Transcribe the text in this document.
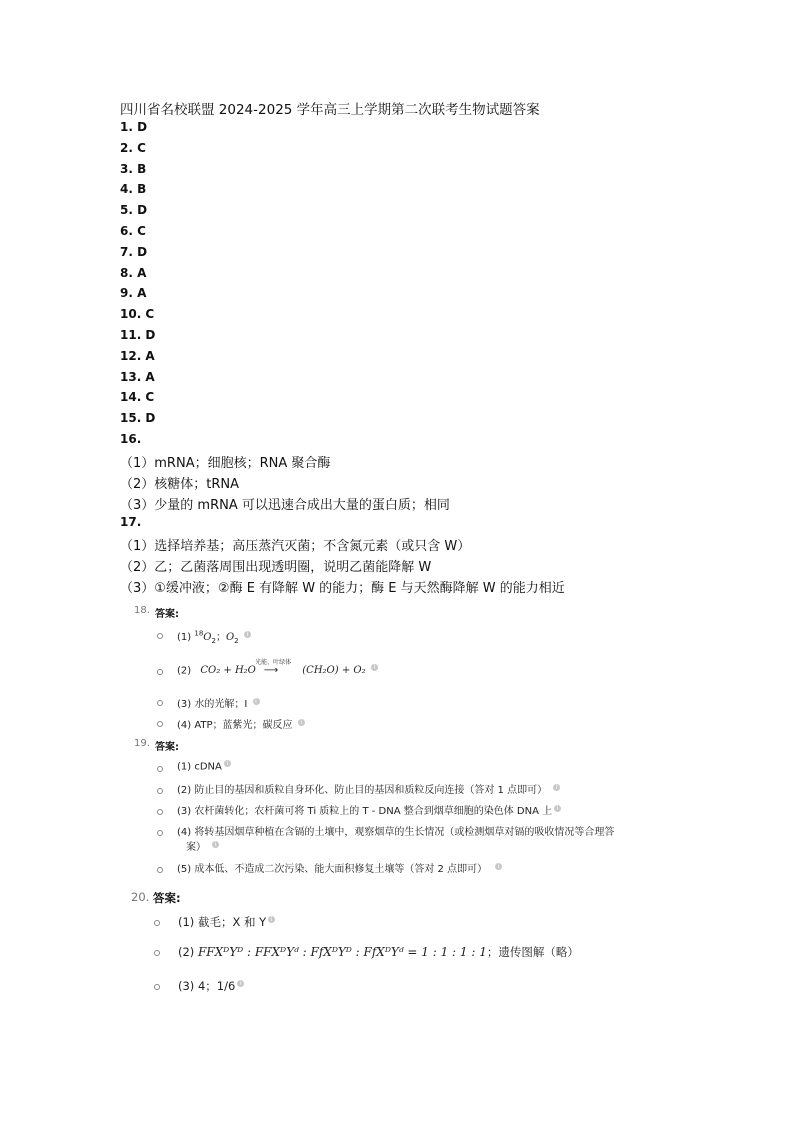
四川省名校联盟 2024-2025 学年高三上学期第二次联考生物试题答案
1. D
2. C
3. B
4. B
5. D
6. C
7. D
8. A
9. A
10. C
11. D
12. A
13. A
14. C
15. D
16.
（1）mRNA；细胞核；RNA 聚合酶
（2）核糖体；tRNA
（3）少量的 mRNA 可以迅速合成出大量的蛋白质；相同
17.
（1）选择培养基；高压蒸汽灭菌；不含氮元素（或只含 W）
（2）乙；乙菌落周围出现透明圈，说明乙菌能降解 W
（3）①缓冲液；②酶 E 有降解 W 的能力；酶 E 与天然酶降解 W 的能力相近
18. 答案:
(1) $^{18}O_2$；$O_2$ i
(2) CO₂ + H₂O
光能、叶绿体
⟶ (CH₂O) + O₂ i
(3) 水的光解；I i
(4) ATP；蓝紫光；碳反应 i
19. 答案:
(1) cDNA i
(2) 防止目的基因和质粒自身环化、防止目的基因和质粒反向连接（答对 1 点即可） i
(3) 农杆菌转化；农杆菌可将 Ti 质粒上的 T - DNA 整合到烟草细胞的染色体 DNA 上 i
(4) 将转基因烟草种植在含镉的土壤中，观察烟草的生长情况（或检测烟草对镉的吸收情况等合理答
案） i
(5) 成本低、不造成二次污染、能大面积修复土壤等（答对 2 点即可） i
20. 答案:
(1) 截毛；X 和 Y i
(2) FFXᴰYᴰ : FFXᴰYᵈ : FfXᴰYᴰ : FfXᴰYᵈ = 1 : 1 : 1 : 1；遗传图解（略）
(3) 4；1/6 i
